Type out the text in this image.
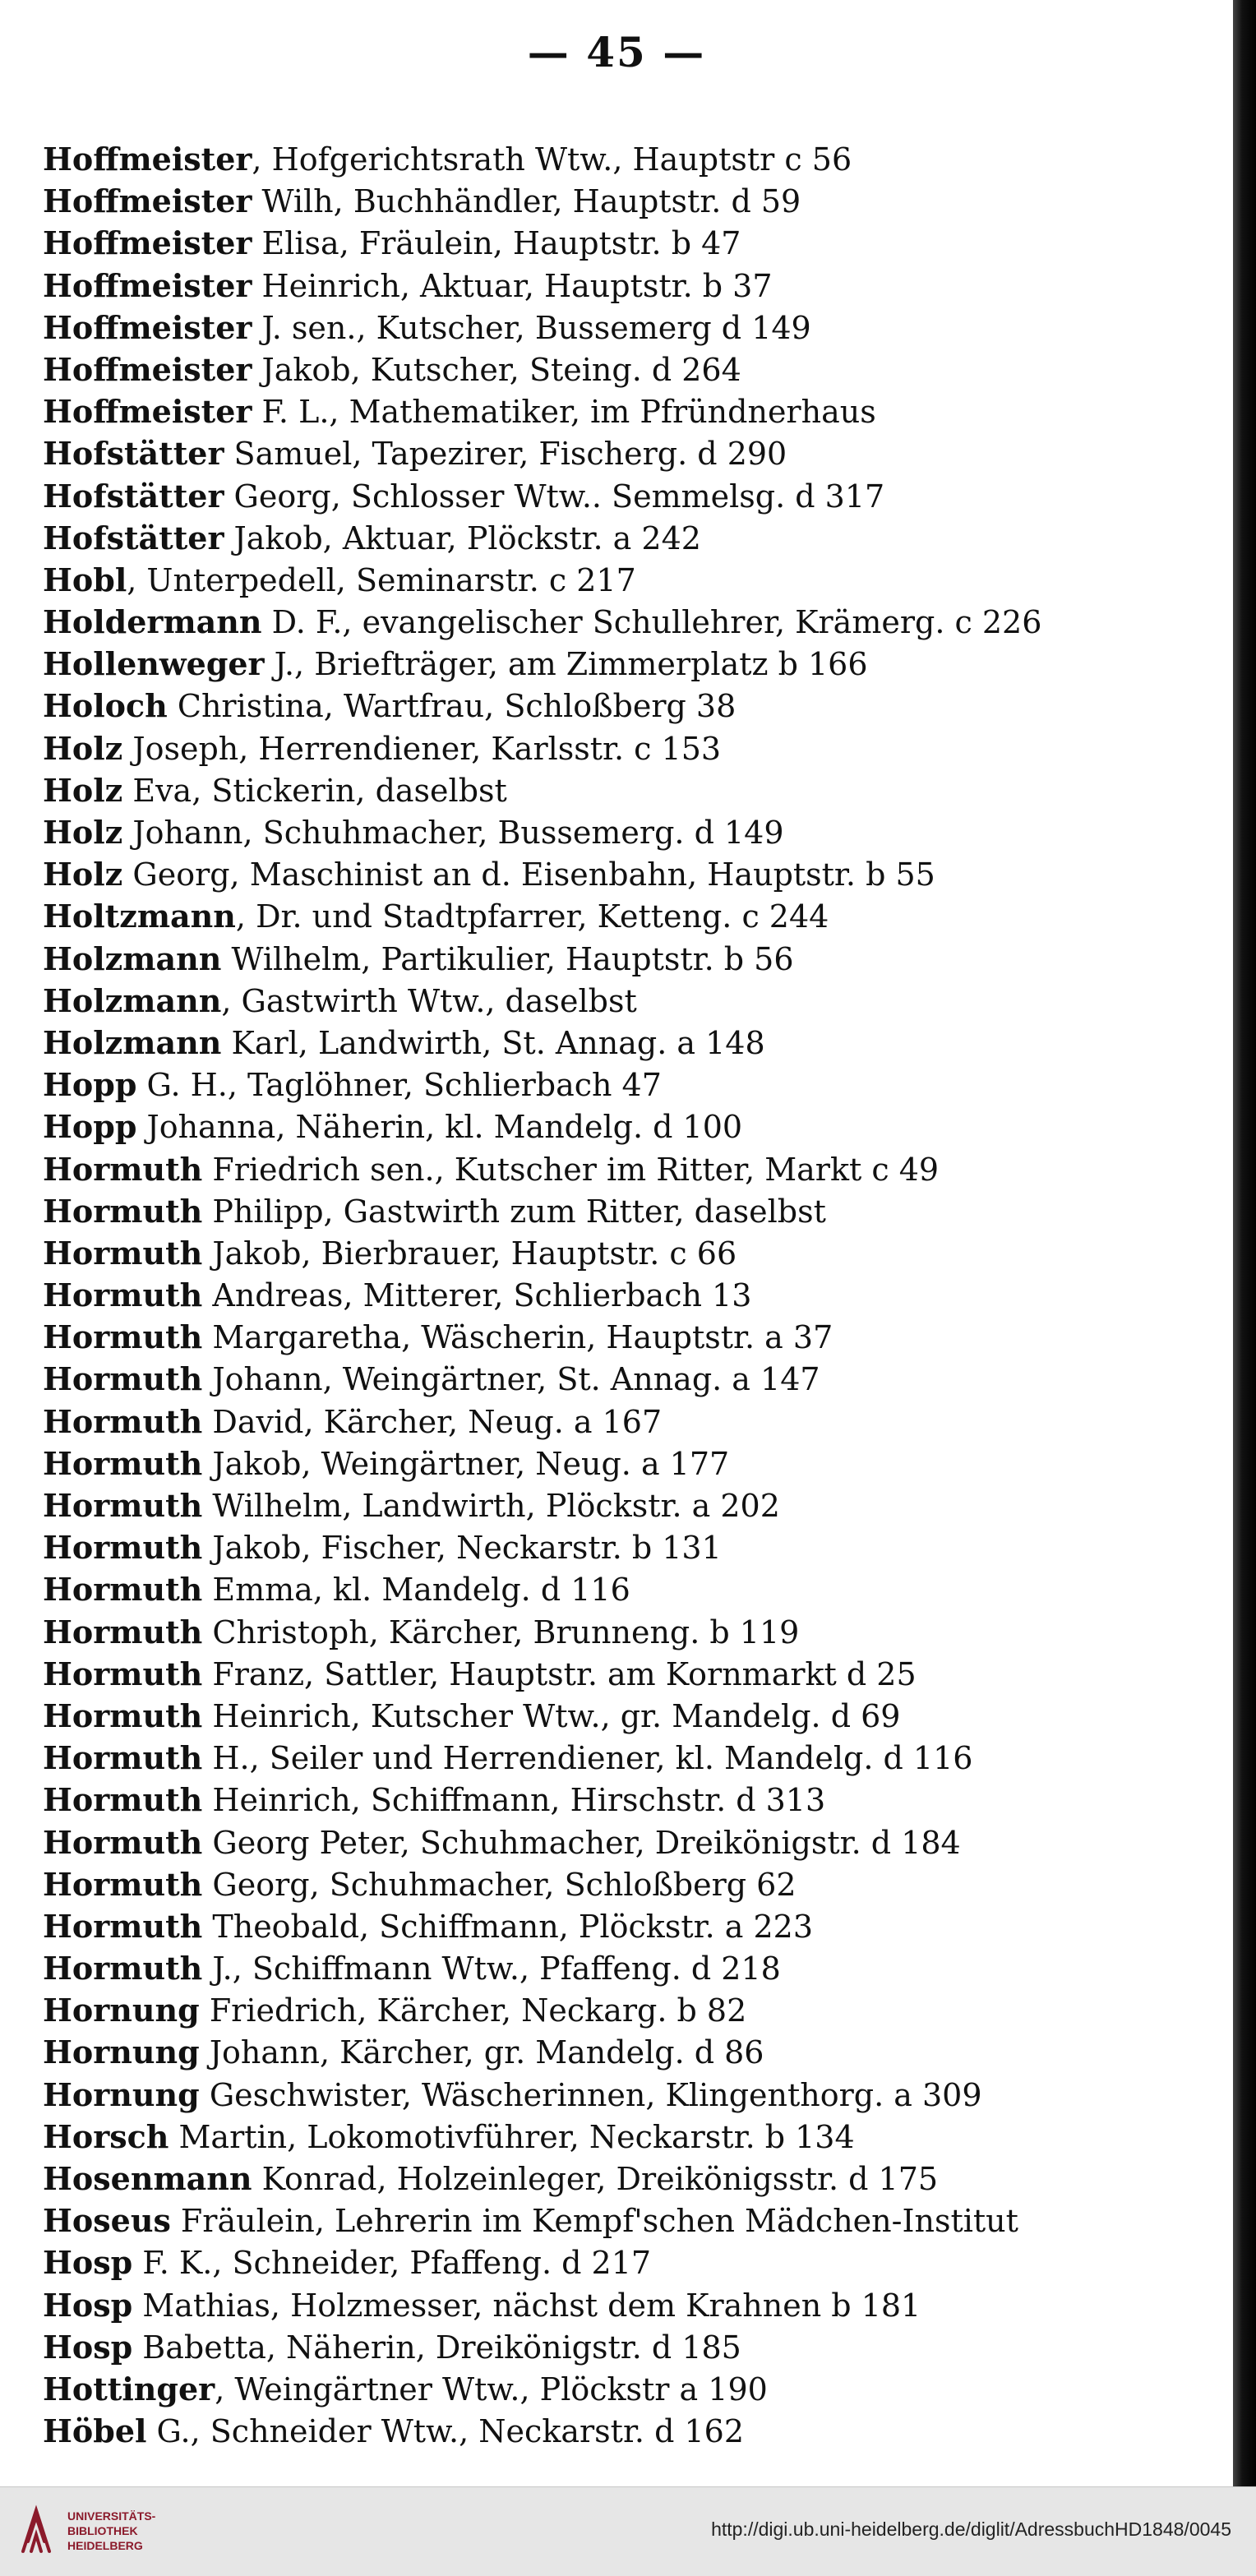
— 45 —
Hoffmeister, Hofgerichtsrath Wtw., Hauptstr c 56
Hoffmeister Wilh, Buchhändler, Hauptstr. d 59
Hoffmeister Elisa, Fräulein, Hauptstr. b 47
Hoffmeister Heinrich, Aktuar, Hauptstr. b 37
Hoffmeister J. sen., Kutscher, Bussemerg d 149
Hoffmeister Jakob, Kutscher, Steing. d 264
Hoffmeister F. L., Mathematiker, im Pfründnerhaus
Hofstätter Samuel, Tapezirer, Fischerg. d 290
Hofstätter Georg, Schlosser Wtw.. Semmelsg. d 317
Hofstätter Jakob, Aktuar, Plöckstr. a 242
Hobl, Unterpedell, Seminarstr. c 217
Holdermann D. F., evangelischer Schullehrer, Krämerg. c 226
Hollenweger J., Briefträger, am Zimmerplatz b 166
Holoch Christina, Wartfrau, Schloßberg 38
Holz Joseph, Herrendiener, Karlsstr. c 153
Holz Eva, Stickerin, daselbst
Holz Johann, Schuhmacher, Bussemerg. d 149
Holz Georg, Maschinist an d. Eisenbahn, Hauptstr. b 55
Holtzmann, Dr. und Stadtpfarrer, Ketteng. c 244
Holzmann Wilhelm, Partikulier, Hauptstr. b 56
Holzmann, Gastwirth Wtw., daselbst
Holzmann Karl, Landwirth, St. Annag. a 148
Hopp G. H., Taglöhner, Schlierbach 47
Hopp Johanna, Näherin, kl. Mandelg. d 100
Hormuth Friedrich sen., Kutscher im Ritter, Markt c 49
Hormuth Philipp, Gastwirth zum Ritter, daselbst
Hormuth Jakob, Bierbrauer, Hauptstr. c 66
Hormuth Andreas, Mitterer, Schlierbach 13
Hormuth Margaretha, Wäscherin, Hauptstr. a 37
Hormuth Johann, Weingärtner, St. Annag. a 147
Hormuth David, Kärcher, Neug. a 167
Hormuth Jakob, Weingärtner, Neug. a 177
Hormuth Wilhelm, Landwirth, Plöckstr. a 202
Hormuth Jakob, Fischer, Neckarstr. b 131
Hormuth Emma, kl. Mandelg. d 116
Hormuth Christoph, Kärcher, Brunneng. b 119
Hormuth Franz, Sattler, Hauptstr. am Kornmarkt d 25
Hormuth Heinrich, Kutscher Wtw., gr. Mandelg. d 69
Hormuth H., Seiler und Herrendiener, kl. Mandelg. d 116
Hormuth Heinrich, Schiffmann, Hirschstr. d 313
Hormuth Georg Peter, Schuhmacher, Dreikönigstr. d 184
Hormuth Georg, Schuhmacher, Schloßberg 62
Hormuth Theobald, Schiffmann, Plöckstr. a 223
Hormuth J., Schiffmann Wtw., Pfaffeng. d 218
Hornung Friedrich, Kärcher, Neckarg. b 82
Hornung Johann, Kärcher, gr. Mandelg. d 86
Hornung Geschwister, Wäscherinnen, Klingenthorg. a 309
Horsch Martin, Lokomotivführer, Neckarstr. b 134
Hosenmann Konrad, Holzeinleger, Dreikönigsstr. d 175
Hoseus Fräulein, Lehrerin im Kempf'schen Mädchen-Institut
Hosp F. K., Schneider, Pfaffeng. d 217
Hosp Mathias, Holzmesser, nächst dem Krahnen b 181
Hosp Babetta, Näherin, Dreikönigstr. d 185
Hottinger, Weingärtner Wtw., Plöckstr a 190
Höbel G., Schneider Wtw., Neckarstr. d 162
UNIVERSITÄTS-
BIBLIOTHEK
HEIDELBERG
http://digi.ub.uni-heidelberg.de/diglit/AdressbuchHD1848/0045
